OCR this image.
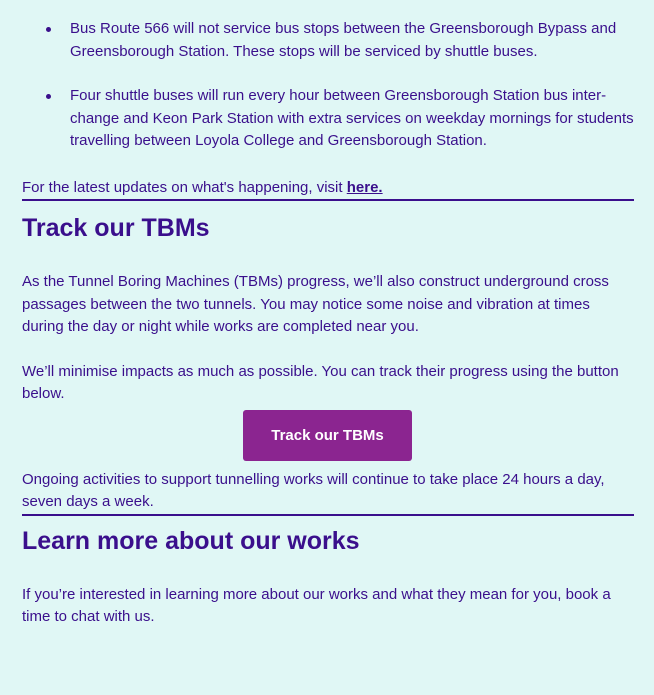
Bus Route 566 will not service bus stops between the Greensborough Bypass and Greensborough Station. These stops will be serviced by shuttle buses.
Four shuttle buses will run every hour between Greensborough Station bus inter-change and Keon Park Station with extra services on weekday mornings for students travelling between Loyola College and Greensborough Station.

For the latest updates on what's happening, visit here.

Track our TBMs

As the Tunnel Boring Machines (TBMs) progress, we’ll also construct underground cross passages between the two tunnels. You may notice some noise and vibration at times during the day or night while works are completed near you.

We’ll minimise impacts as much as possible. You can track their progress using the button below.

Track our TBMs

Ongoing activities to support tunnelling works will continue to take place 24 hours a day, seven days a week.

Learn more about our works

If you’re interested in learning more about our works and what they mean for you, book a time to chat with us.
